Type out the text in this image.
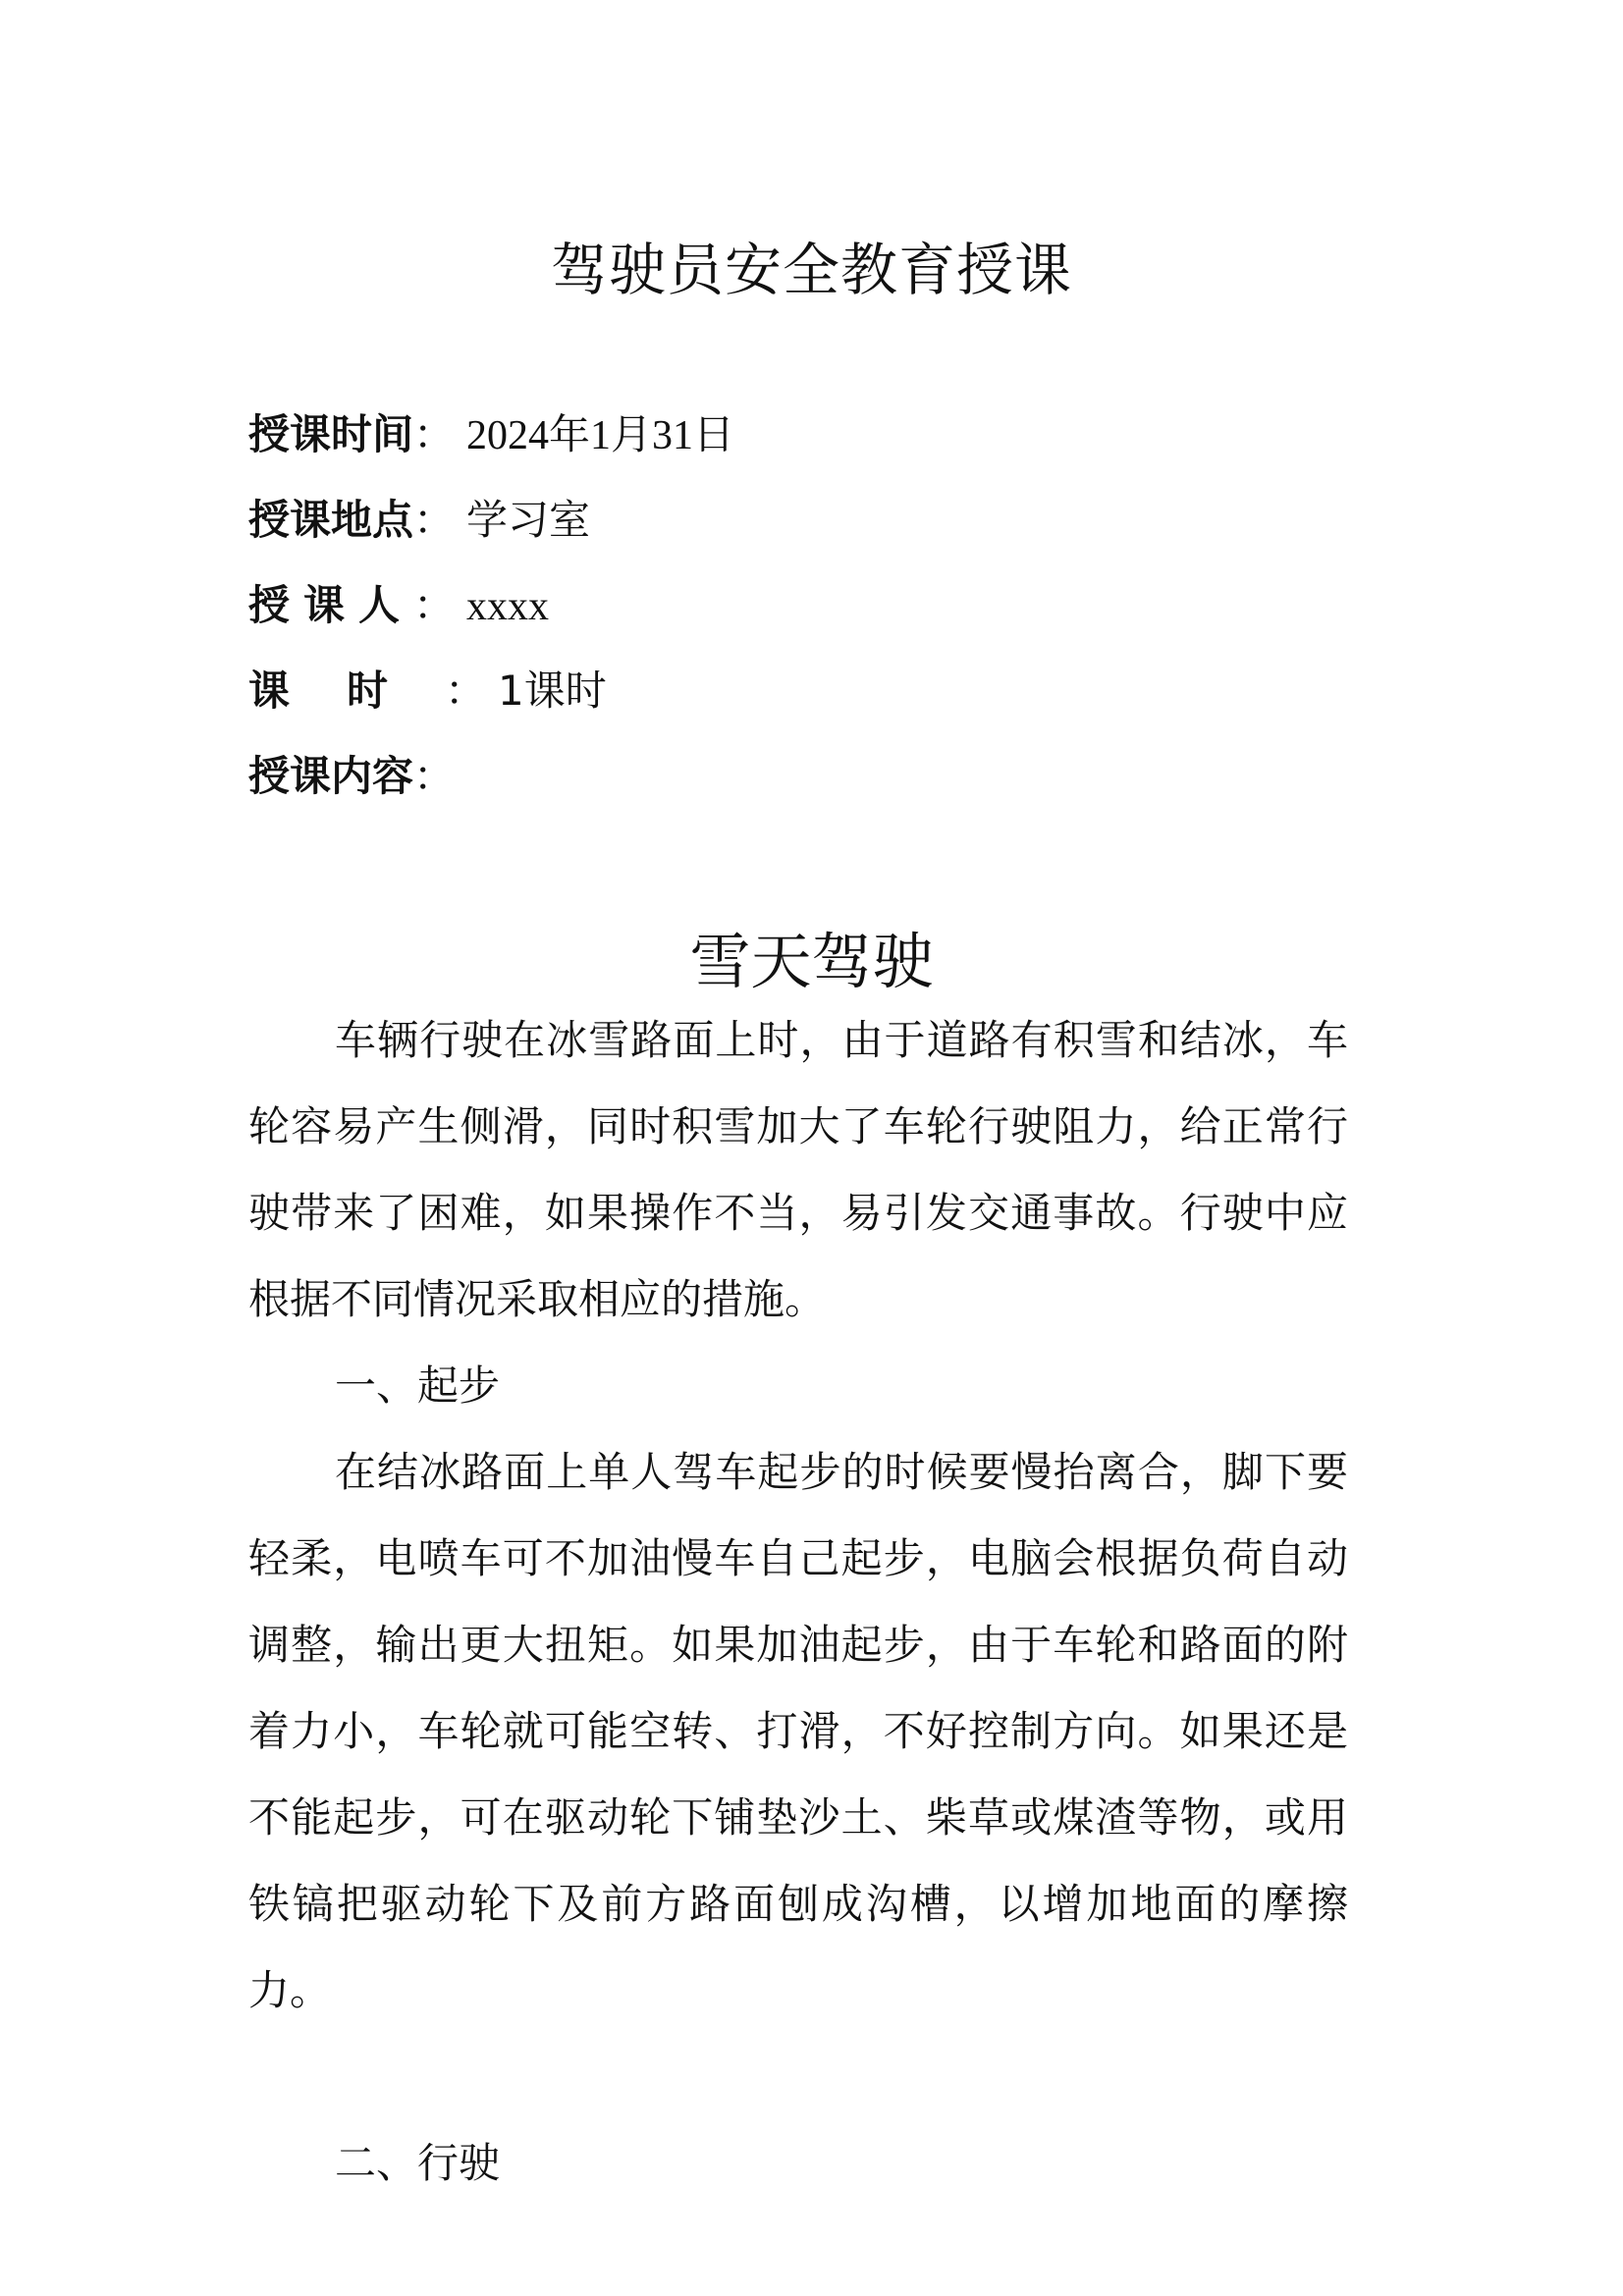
驾驶员安全教育授课
授课时间： 2024年1月31日
授课地点： 学习室
授课人： xxxx
课时： 1课时
授课内容：
雪天驾驶

车辆行驶在冰雪路面上时，由于道路有积雪和结冰，车轮容易产生侧滑，同时积雪加大了车轮行驶阻力，给正常行驶带来了困难，如果操作不当，易引发交通事故。行驶中应根据不同情况采取相应的措施。

一、起步

在结冰路面上单人驾车起步的时候要慢抬离合，脚下要轻柔，电喷车可不加油慢车自己起步，电脑会根据负荷自动调整，输出更大扭矩。如果加油起步，由于车轮和路面的附着力小，车轮就可能空转、打滑，不好控制方向。如果还是不能起步，可在驱动轮下铺垫沙土、柴草或煤渣等物，或用铁镐把驱动轮下及前方路面刨成沟槽，以增加地面的摩擦力。

二、行驶
